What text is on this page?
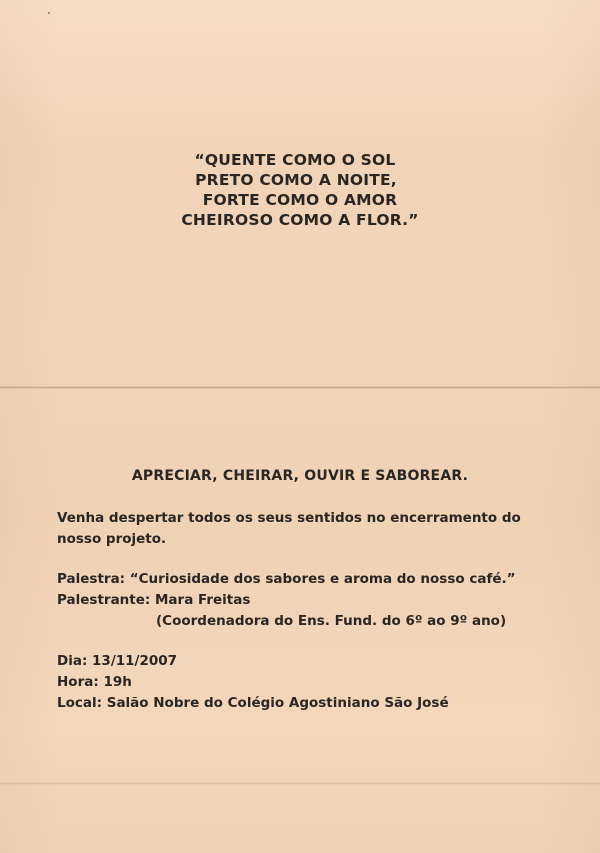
“QUENTE COMO O SOL
PRETO COMO A NOITE,
FORTE COMO O AMOR
CHEIROSO COMO A FLOR.”
APRECIAR, CHEIRAR, OUVIR E SABOREAR.
Venha despertar todos os seus sentidos no encerramento do
nosso projeto.
Palestra: “Curiosidade dos sabores e aroma do nosso café.”
Palestrante: Mara Freitas
(Coordenadora do Ens. Fund. do 6º ao 9º ano)
Dia: 13/11/2007
Hora: 19h
Local: Salão Nobre do Colégio Agostiniano São José
